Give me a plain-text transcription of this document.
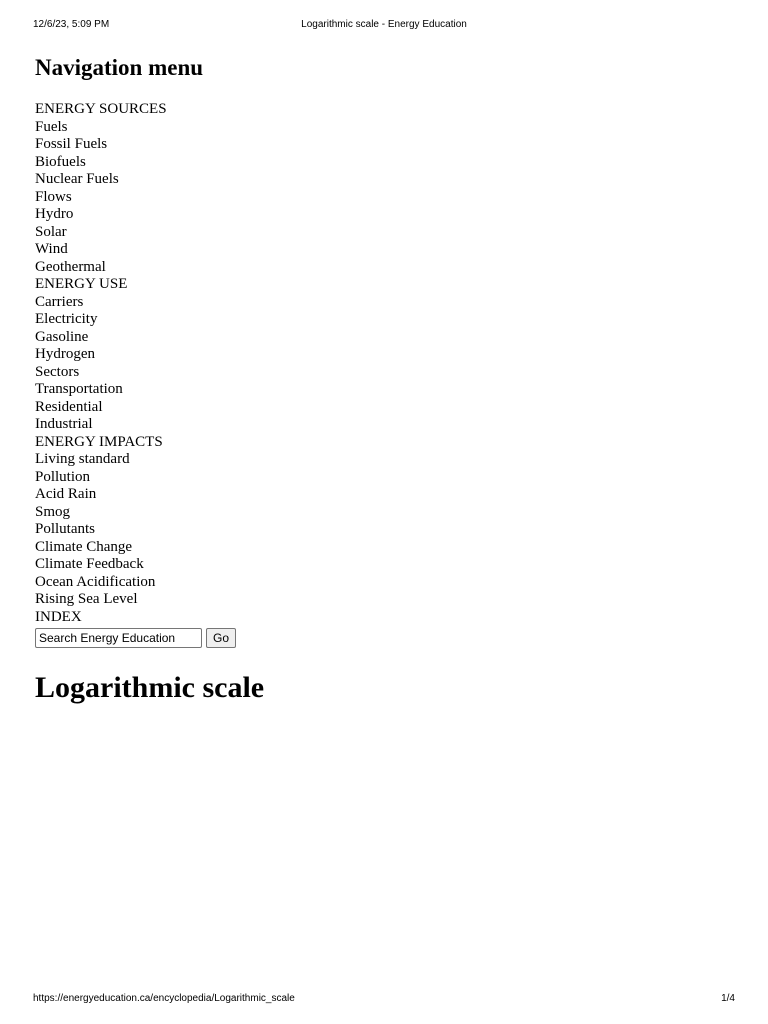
12/6/23, 5:09 PM	Logarithmic scale - Energy Education
Navigation menu
ENERGY SOURCES
Fuels
Fossil Fuels
Biofuels
Nuclear Fuels
Flows
Hydro
Solar
Wind
Geothermal
ENERGY USE
Carriers
Electricity
Gasoline
Hydrogen
Sectors
Transportation
Residential
Industrial
ENERGY IMPACTS
Living standard
Pollution
Acid Rain
Smog
Pollutants
Climate Change
Climate Feedback
Ocean Acidification
Rising Sea Level
INDEX
Search Energy Education
Go
Logarithmic scale
https://energyeducation.ca/encyclopedia/Logarithmic_scale	1/4
